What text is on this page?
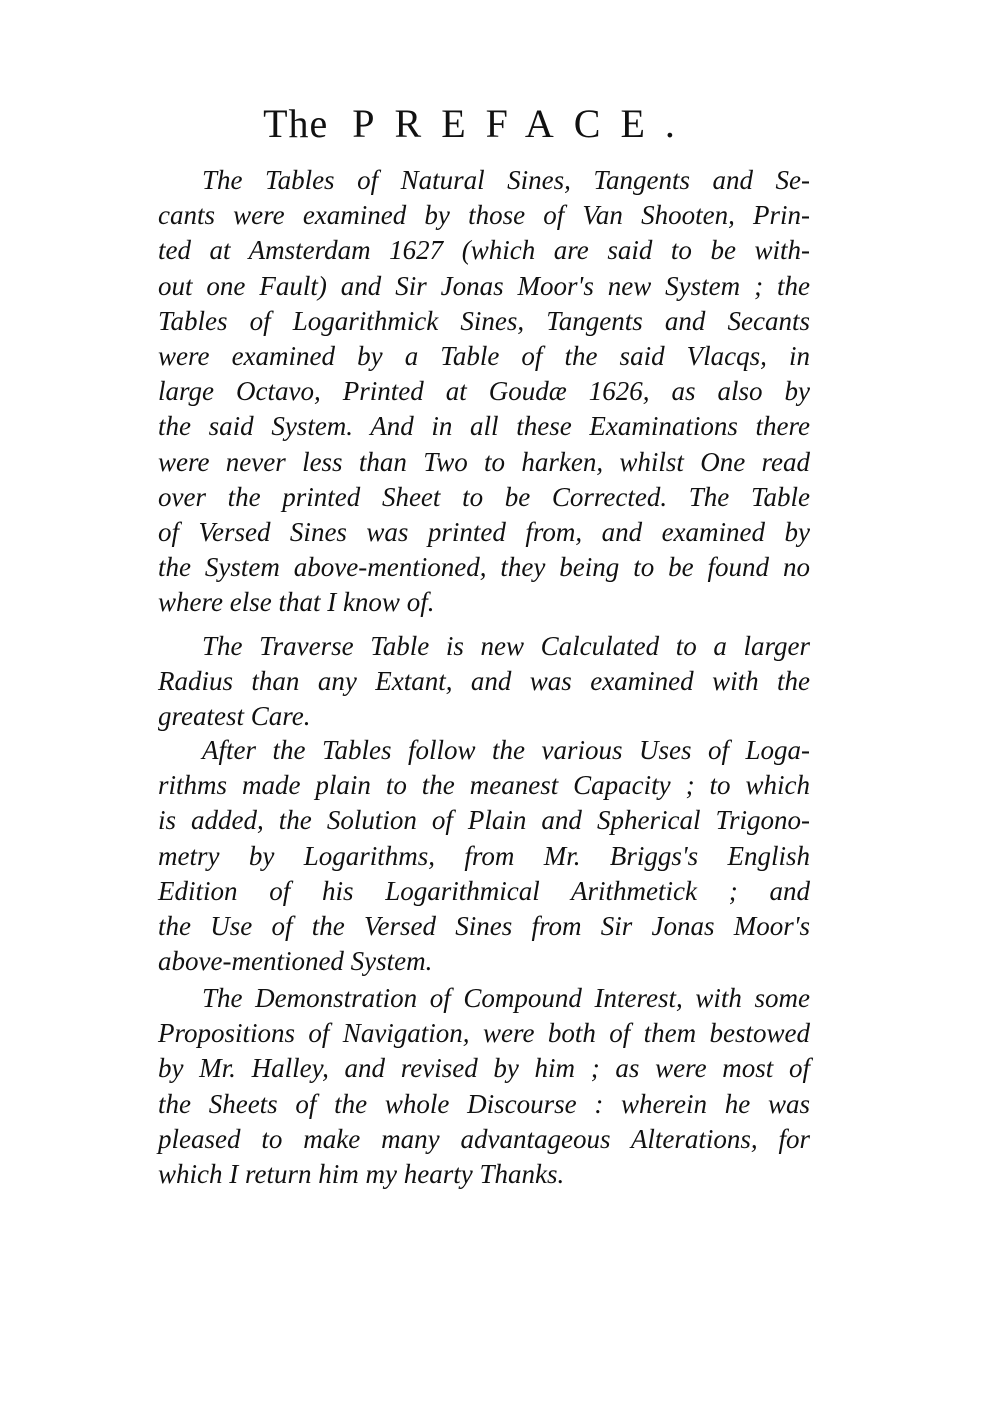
The PREFACE.
The Tables of Natural Sines, Tangents and Se-
cants were examined by those of Van Shooten, Prin-
ted at Amsterdam 1627 (which are said to be with-
out one Fault) and Sir Jonas Moor's new System ; the
Tables of Logarithmick Sines, Tangents and Secants
were examined by a Table of the said Vlacqs, in
large Octavo, Printed at Goudæ 1626, as also by
the said System. And in all these Examinations there
were never less than Two to harken, whilst One read
over the printed Sheet to be Corrected. The Table
of Versed Sines was printed from, and examined by
the System above-mentioned, they being to be found no
where else that I know of.
The Traverse Table is new Calculated to a larger
Radius than any Extant, and was examined with the
greatest Care.
After the Tables follow the various Uses of Loga-
rithms made plain to the meanest Capacity ; to which
is added, the Solution of Plain and Spherical Trigono-
metry by Logarithms, from Mr. Briggs's English
Edition of his Logarithmical Arithmetick ; and
the Use of the Versed Sines from Sir Jonas Moor's
above-mentioned System.
The Demonstration of Compound Interest, with some
Propositions of Navigation, were both of them bestowed
by Mr. Halley, and revised by him ; as were most of
the Sheets of the whole Discourse : wherein he was
pleased to make many advantageous Alterations, for
which I return him my hearty Thanks.
